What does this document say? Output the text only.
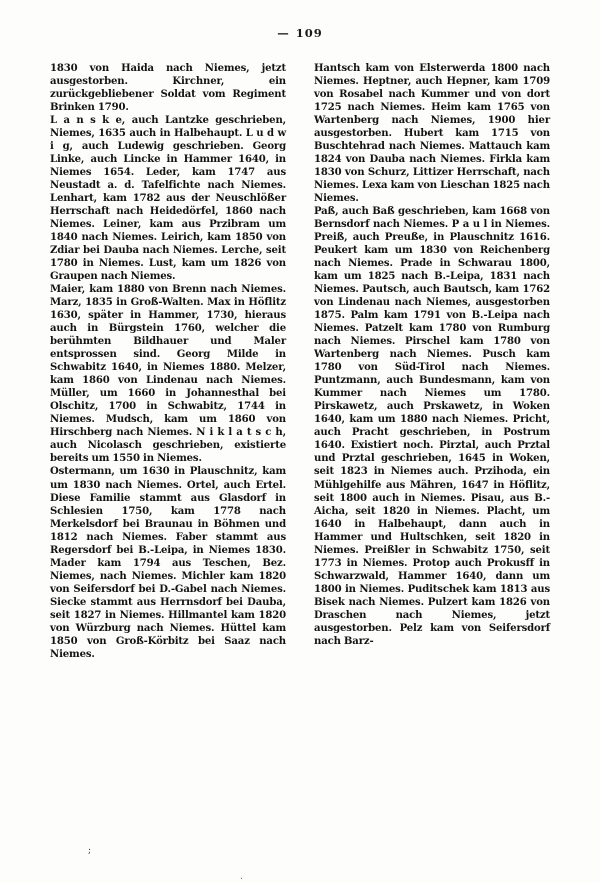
— 109

1830 von Haida nach Niemes, jetzt ausgestorben. Kirchner, ein zurückgebliebener Soldat vom Regiment Brinken 1790.

L a n s k e, auch Lantzke geschrieben, Niemes, 1635 auch in Halbehaupt. L u d w i g, auch Ludewig geschrieben. Georg Linke, auch Lincke in Hammer 1640, in Niemes 1654. Leder, kam 1747 aus Neustadt a. d. Tafelfichte nach Niemes. Lenhart, kam 1782 aus der Neuschlößer Herrschaft nach Heidedörfel, 1860 nach Niemes. Leiner, kam aus Przibram um 1840 nach Niemes. Leirich, kam 1850 von Zdiar bei Dauba nach Niemes. Lerche, seit 1780 in Niemes. Lust, kam um 1826 von Graupen nach Niemes.

Maier, kam 1880 von Brenn nach Niemes. Marz, 1835 in Groß-Walten. Max in Höflitz 1630, später in Hammer, 1730, hieraus auch in Bürgstein 1760, welcher die berühmten Bildhauer und Maler entsprossen sind. Georg Milde in Schwabitz 1640, in Niemes 1880. Melzer, kam 1860 von Lindenau nach Niemes. Müller, um 1660 in Johannesthal bei Olschitz, 1700 in Schwabitz, 1744 in Niemes. Mudsch, kam um 1860 von Hirschberg nach Niemes. N i k l a t s c h, auch Nicolasch geschrieben, existierte bereits um 1550 in Niemes.

Ostermann, um 1630 in Plauschnitz, kam um 1830 nach Niemes. Ortel, auch Ertel. Diese Familie stammt aus Glasdorf in Schlesien 1750, kam 1778 nach Merkelsdorf bei Braunau in Böhmen und 1812 nach Niemes. Faber stammt aus Regersdorf bei B.-Leipa, in Niemes 1830. Mader kam 1794 aus Teschen, Bez. Niemes, nach Niemes. Michler kam 1820 von Seifersdorf bei D.-Gabel nach Niemes. Siecke stammt aus Herrnsdorf bei Dauba, seit 1827 in Niemes. Hillmantel kam 1820 von Würzburg nach Niemes. Hüttel kam 1850 von Groß-Körbitz bei Saaz nach Niemes.

Hantsch kam von Elsterwerda 1800 nach Niemes. Heptner, auch Hepner, kam 1709 von Rosabel nach Kummer und von dort 1725 nach Niemes. Heim kam 1765 von Wartenberg nach Niemes, 1900 hier ausgestorben. Hubert kam 1715 von Buschtehrad nach Niemes. Mattauch kam 1824 von Dauba nach Niemes. Firkla kam 1830 von Schurz, Littizer Herrschaft, nach Niemes. Lexa kam von Lieschan 1825 nach Niemes.

Paß, auch Baß geschrieben, kam 1668 von Bernsdorf nach Niemes. P a u l in Niemes. Preiß, auch Preuße, in Plauschnitz 1616. Peukert kam um 1830 von Reichenberg nach Niemes. Prade in Schwarau 1800, kam um 1825 nach B.-Leipa, 1831 nach Niemes. Pautsch, auch Bautsch, kam 1762 von Lindenau nach Niemes, ausgestorben 1875. Palm kam 1791 von B.-Leipa nach Niemes. Patzelt kam 1780 von Rumburg nach Niemes. Pirschel kam 1780 von Wartenberg nach Niemes. Pusch kam 1780 von Süd-Tirol nach Niemes. Puntzmann, auch Bundesmann, kam von Kummer nach Niemes um 1780. Pirskawetz, auch Prskawetz, in Woken 1640, kam um 1880 nach Niemes. Pricht, auch Pracht geschrieben, in Postrum 1640. Existiert noch. Pirztal, auch Prztal und Prztal geschrieben, 1645 in Woken, seit 1823 in Niemes auch. Przihoda, ein Mühlgehilfe aus Mähren, 1647 in Höflitz, seit 1800 auch in Niemes. Pisau, aus B.-Aicha, seit 1820 in Niemes. Placht, um 1640 in Halbehaupt, dann auch in Hammer und Hultschken, seit 1820 in Niemes. Preißler in Schwabitz 1750, seit 1773 in Niemes. Protop auch Prokusff in Schwarzwald, Hammer 1640, dann um 1800 in Niemes. Puditschek kam 1813 aus Bisek nach Niemes. Pulzert kam 1826 von Draschen nach Niemes, jetzt ausgestorben. Pelz kam von Seifersdorf nach Barz-

;
.
